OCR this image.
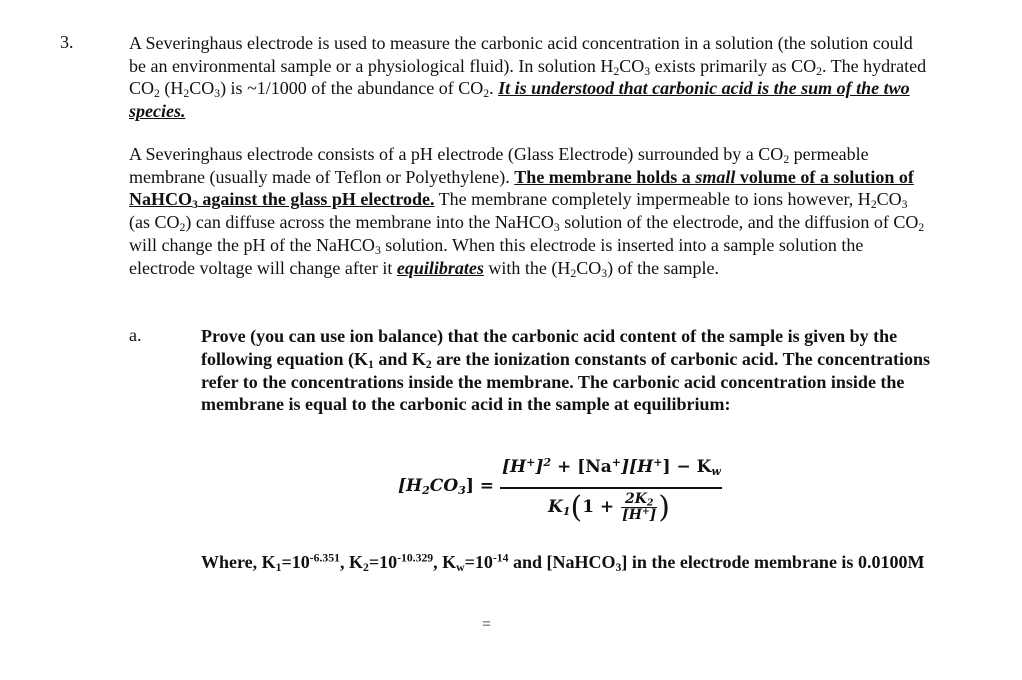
3.	A Severinghaus electrode is used to measure the carbonic acid concentration in a solution (the solution could be an environmental sample or a physiological fluid). In solution $H_2CO_3$ exists primarily as $CO_2$. The hydrated $CO_2$ $(H_2CO_3)$ is ~1/1000 of the abundance of $CO_2$. It is understood that carbonic acid is the sum of the two species.
A Severinghaus electrode consists of a pH electrode (Glass Electrode) surrounded by a $CO_2$ permeable membrane (usually made of Teflon or Polyethylene). The membrane holds a small volume of a solution of NaHCO$_3$ against the glass pH electrode. The membrane completely impermeable to ions however, $H_2CO_3$ (as $CO_2$) can diffuse across the membrane into the NaHCO$_3$ solution of the electrode, and the diffusion of $CO_2$ will change the pH of the NaHCO$_3$ solution. When this electrode is inserted into a sample solution the electrode voltage will change after it equilibrates with the $(H_2CO_3)$ of the sample.
a.	Prove (you can use ion balance) that the carbonic acid content of the sample is given by the following equation ($K_1$ and $K_2$ are the ionization constants of carbonic acid. The concentrations refer to the concentrations inside the membrane. The carbonic acid concentration inside the membrane is equal to the carbonic acid in the sample at equilibrium:
$[H_2CO_3]$ =
$[H^+]^2 + [Na^+][H^+] - K_w$
$K_1(1 + \frac{2K_2}{[H^+]}$ )
Where, $K_1=10^{-6.351}$, $K_2=10^{-10.329}$, $K_w=10^{-14}$ and [NaHCO$_3$] in the electrode membrane is 0.0100M
=
